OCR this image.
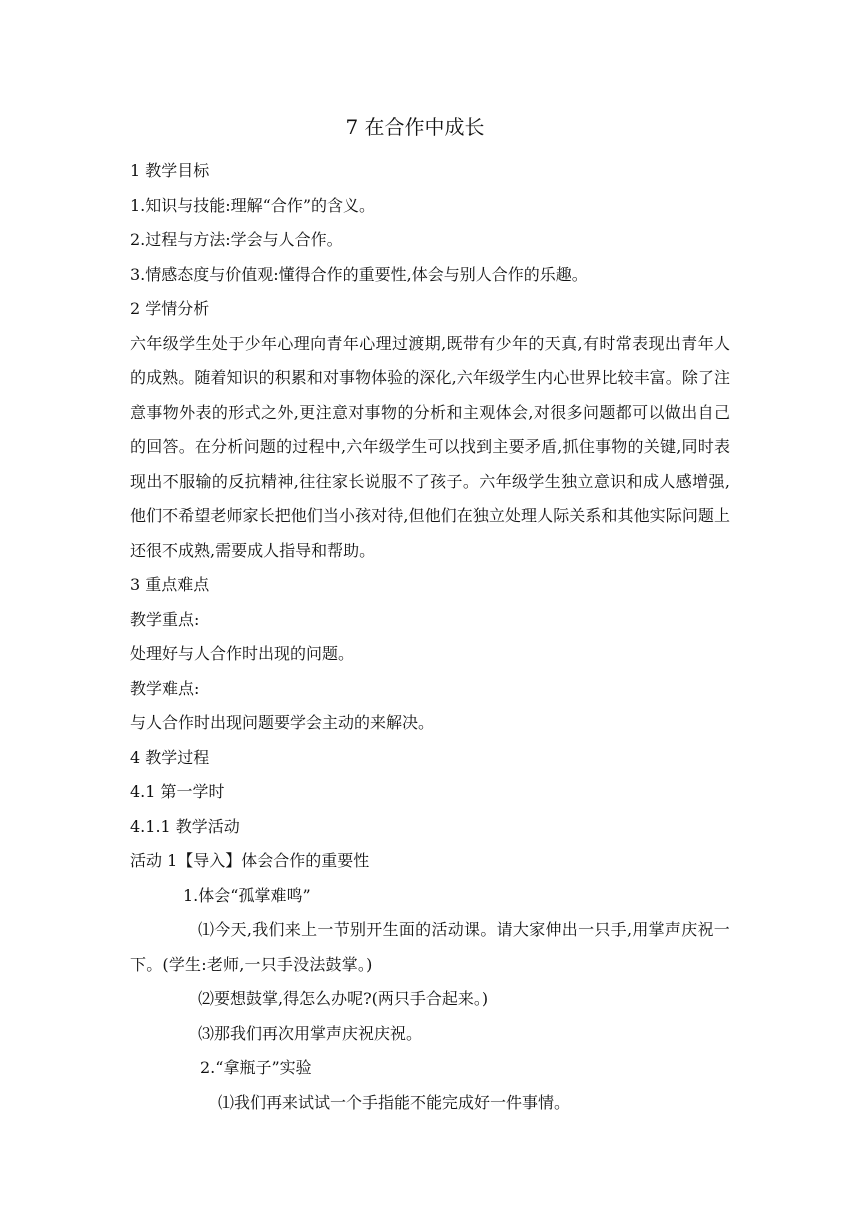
7 在合作中成长
1 教学目标
1.知识与技能:理解“合作”的含义。
2.过程与方法:学会与人合作。
3.情感态度与价值观:懂得合作的重要性,体会与别人合作的乐趣。
2 学情分析
六年级学生处于少年心理向青年心理过渡期,既带有少年的天真,有时常表现出青年人的成熟。随着知识的积累和对事物体验的深化,六年级学生内心世界比较丰富。除了注意事物外表的形式之外,更注意对事物的分析和主观体会,对很多问题都可以做出自己的回答。在分析问题的过程中,六年级学生可以找到主要矛盾,抓住事物的关键,同时表现出不服输的反抗精神,往往家长说服不了孩子。六年级学生独立意识和成人感增强,他们不希望老师家长把他们当小孩对待,但他们在独立处理人际关系和其他实际问题上还很不成熟,需要成人指导和帮助。
3 重点难点
教学重点:
处理好与人合作时出现的问题。
教学难点:
与人合作时出现问题要学会主动的来解决。
4 教学过程
4.1 第一学时
4.1.1 教学活动
活动 1【导入】体会合作的重要性
1.体会“孤掌难鸣”
⑴今天,我们来上一节别开生面的活动课。请大家伸出一只手,用掌声庆祝一下。(学生:老师,一只手没法鼓掌。)
⑵要想鼓掌,得怎么办呢?(两只手合起来。)
⑶那我们再次用掌声庆祝庆祝。
2.“拿瓶子”实验
⑴我们再来试试一个手指能不能完成好一件事情。
